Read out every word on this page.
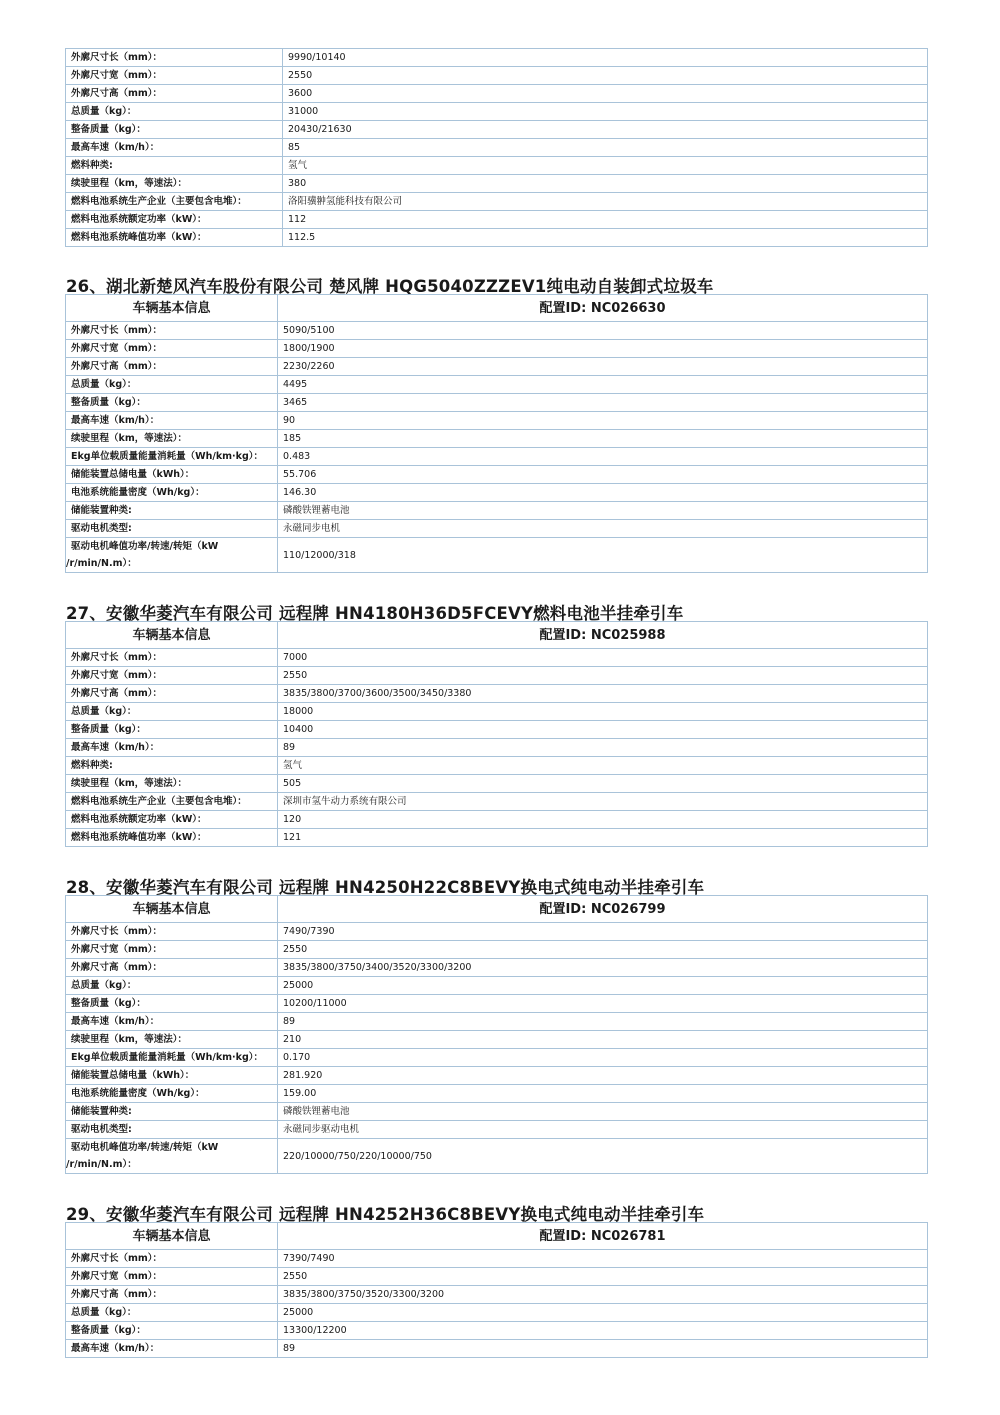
外廓尺寸长（mm）：	9990/10140
外廓尺寸宽（mm）：	2550
外廓尺寸高（mm）：	3600
总质量（kg）：	31000
整备质量（kg）：	20430/21630
最高车速（km/h）：	85
燃料种类:	氢气
续驶里程（km，等速法）：	380
燃料电池系统生产企业（主要包含电堆）：	洛阳骥翀氢能科技有限公司
燃料电池系统额定功率（kW）：	112
燃料电池系统峰值功率（kW）：	112.5
26、湖北新楚风汽车股份有限公司 楚风牌 HQG5040ZZZEV1纯电动自装卸式垃圾车
车辆基本信息	配置ID: NC026630
外廓尺寸长（mm）：	5090/5100
外廓尺寸宽（mm）：	1800/1900
外廓尺寸高（mm）：	2230/2260
总质量（kg）：	4495
整备质量（kg）：	3465
最高车速（km/h）：	90
续驶里程（km，等速法）：	185
Ekg单位载质量能量消耗量（Wh/km·kg）：	0.483
储能装置总储电量（kWh）：	55.706
电池系统能量密度（Wh/kg）：	146.30
储能装置种类:	磷酸铁锂蓄电池
驱动电机类型:	永磁同步电机
驱动电机峰值功率/转速/转矩（kW /r/min/N.m）：	110/12000/318
27、安徽华菱汽车有限公司 远程牌 HN4180H36D5FCEVY燃料电池半挂牵引车
车辆基本信息	配置ID: NC025988
外廓尺寸长（mm）：	7000
外廓尺寸宽（mm）：	2550
外廓尺寸高（mm）：	3835/3800/3700/3600/3500/3450/3380
总质量（kg）：	18000
整备质量（kg）：	10400
最高车速（km/h）：	89
燃料种类:	氢气
续驶里程（km，等速法）：	505
燃料电池系统生产企业（主要包含电堆）：	深圳市氢牛动力系统有限公司
燃料电池系统额定功率（kW）：	120
燃料电池系统峰值功率（kW）：	121
28、安徽华菱汽车有限公司 远程牌 HN4250H22C8BEVY换电式纯电动半挂牵引车
车辆基本信息	配置ID: NC026799
外廓尺寸长（mm）：	7490/7390
外廓尺寸宽（mm）：	2550
外廓尺寸高（mm）：	3835/3800/3750/3400/3520/3300/3200
总质量（kg）：	25000
整备质量（kg）：	10200/11000
最高车速（km/h）：	89
续驶里程（km，等速法）：	210
Ekg单位载质量能量消耗量（Wh/km·kg）：	0.170
储能装置总储电量（kWh）：	281.920
电池系统能量密度（Wh/kg）：	159.00
储能装置种类:	磷酸铁锂蓄电池
驱动电机类型:	永磁同步驱动电机
驱动电机峰值功率/转速/转矩（kW /r/min/N.m）：	220/10000/750/220/10000/750
29、安徽华菱汽车有限公司 远程牌 HN4252H36C8BEVY换电式纯电动半挂牵引车
车辆基本信息	配置ID: NC026781
外廓尺寸长（mm）：	7390/7490
外廓尺寸宽（mm）：	2550
外廓尺寸高（mm）：	3835/3800/3750/3520/3300/3200
总质量（kg）：	25000
整备质量（kg）：	13300/12200
最高车速（km/h）：	89
